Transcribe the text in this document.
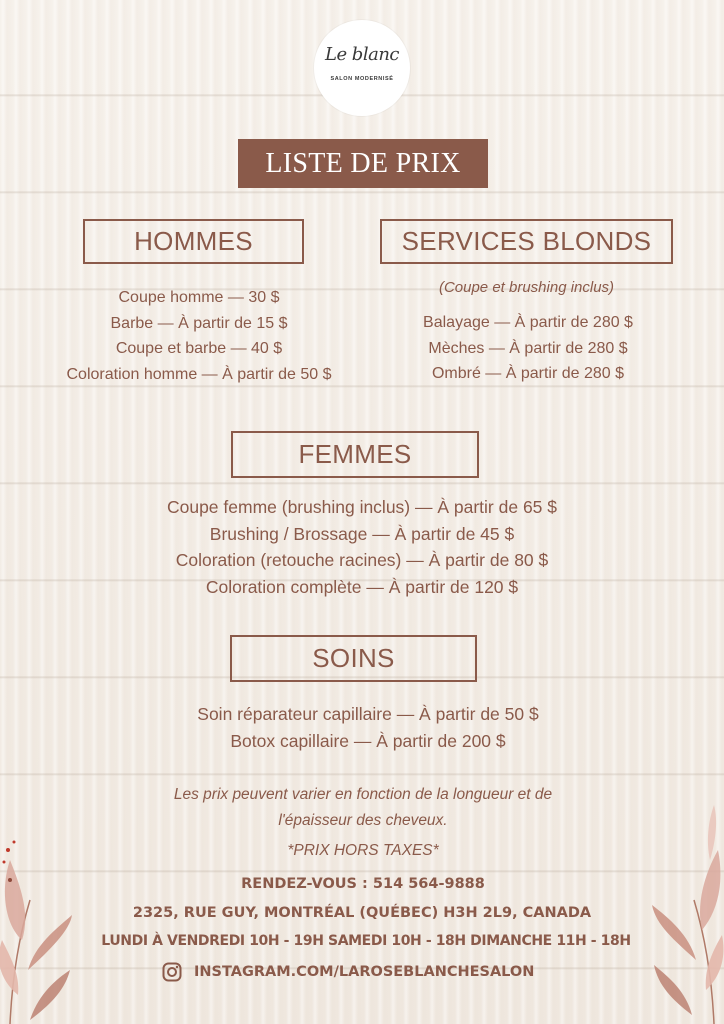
Le blanc
SALON MODERNISÉ
LISTE DE PRIX
HOMMES
Coupe homme — 30 $
Barbe — À partir de 15 $
Coupe et barbe — 40 $
Coloration homme — À partir de 50 $
SERVICES BLONDS
(Coupe et brushing inclus)
Balayage — À partir de 280 $
Mèches — À partir de 280 $
Ombré — À partir de 280 $
FEMMES
Coupe femme (brushing inclus) — À partir de 65 $
Brushing / Brossage — À partir de 45 $
Coloration (retouche racines) — À partir de 80 $
Coloration complète — À partir de 120 $
SOINS
Soin réparateur capillaire — À partir de 50 $
Botox capillaire — À partir de 200 $
Les prix peuvent varier en fonction de la longueur et de
l'épaisseur des cheveux.
*PRIX HORS TAXES*
RENDEZ-VOUS : 514 564-9888
2325, RUE GUY, MONTRÉAL (QUÉBEC) H3H 2L9, CANADA
LUNDI À VENDREDI 10H - 19H SAMEDI 10H - 18H DIMANCHE 11H - 18H
INSTAGRAM.COM/LAROSEBLANCHESALON
